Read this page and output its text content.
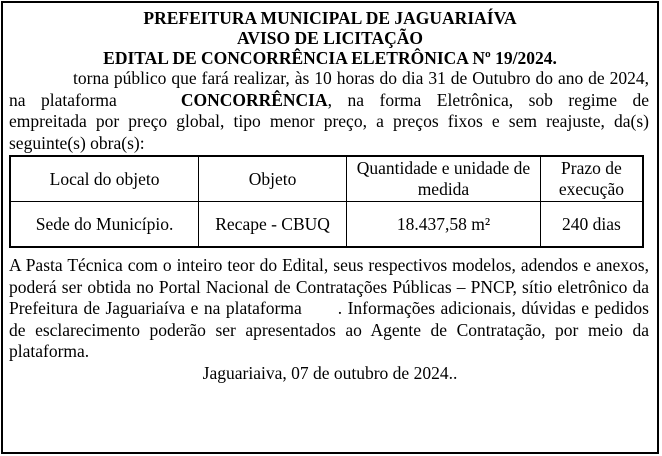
PREFEITURA MUNICIPAL DE JAGUARIAÍVA
AVISO DE LICITAÇÃO
EDITAL DE CONCORRÊNCIA ELETRÔNICA Nº 19/2024.
torna público que fará realizar, às 10 horas do dia 31 de Outubro do ano de 2024, na plataforma	CONCORRÊNCIA, na forma Eletrônica, sob regime de empreitada por preço global, tipo menor preço, a preços fixos e sem reajuste, da(s) seguinte(s) obra(s):
Local do objeto	Objeto	Quantidade e unidade de medida	Prazo de execução
Sede do Município.	Recape - CBUQ	18.437,58 m²	240 dias
A Pasta Técnica com o inteiro teor do Edital, seus respectivos modelos, adendos e anexos, poderá ser obtida no Portal Nacional de Contratações Públicas – PNCP, sítio eletrônico da Prefeitura de Jaguariaíva e na plataforma . Informações adicionais, dúvidas e pedidos de esclarecimento poderão ser apresentados ao Agente de Contratação, por meio da plataforma.
Jaguariaiva, 07 de outubro de 2024..
